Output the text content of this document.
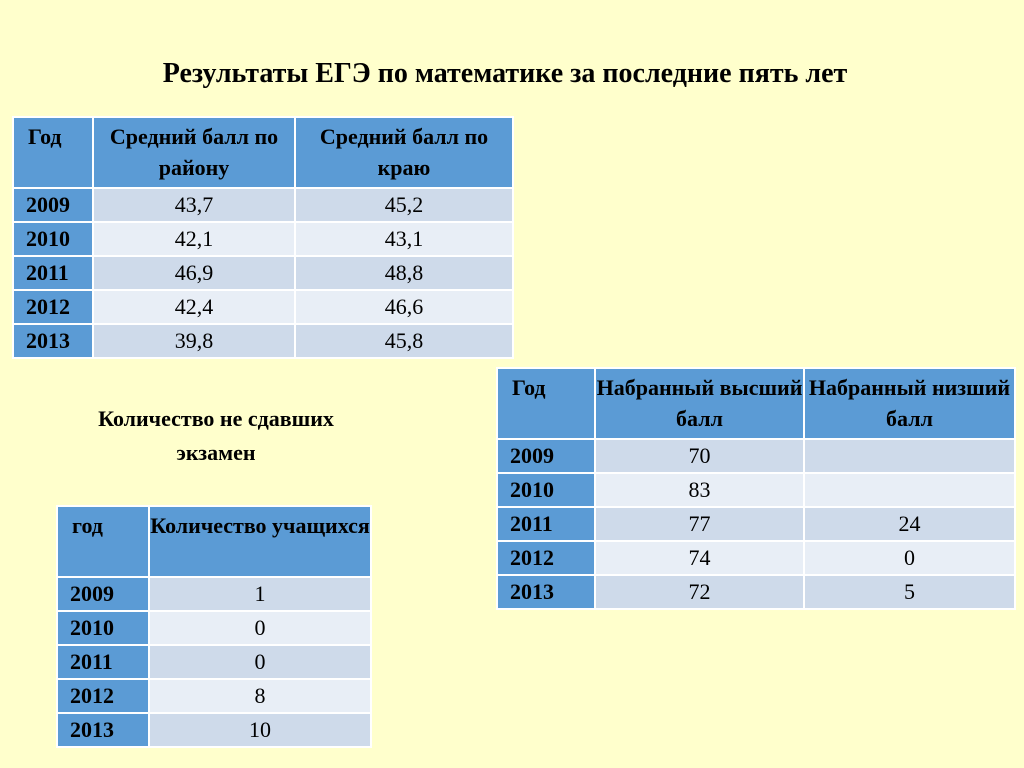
Результаты ЕГЭ по математике за последние пять лет
Год	Средний балл по району	Средний балл по краю
2009	43,7	45,2
2010	42,1	43,1
2011	46,9	48,8
2012	42,4	46,6
2013	39,8	45,8
Количество не сдавших экзамен
Год	Набранный высший балл	Набранный низший балл
2009	70	
2010	83	
2011	77	24
2012	74	0
2013	72	5
год	Количество учащихся
2009	1
2010	0
2011	0
2012	8
2013	10
